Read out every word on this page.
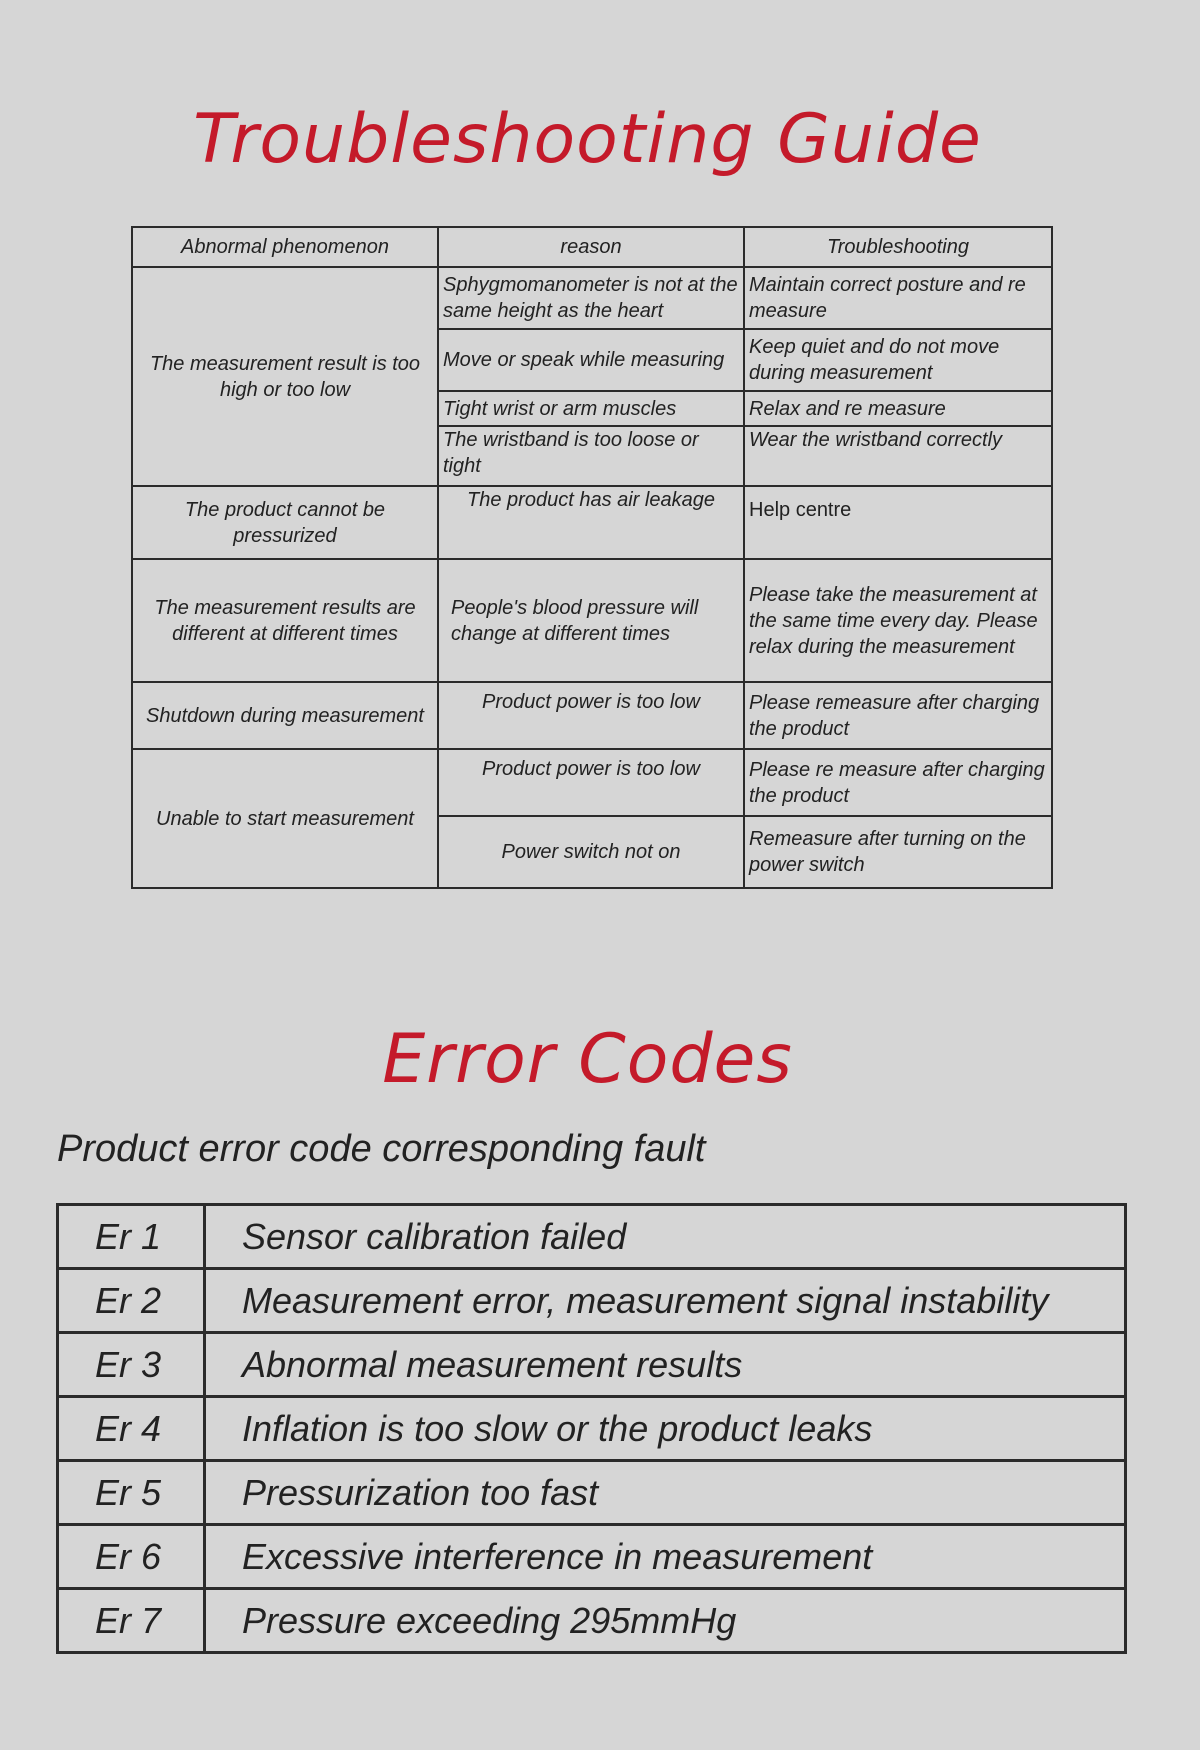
Troubleshooting Guide
Abnormal phenomenon	reason	Troubleshooting
The measurement result is too high or too low	Sphygmomanometer is not at the same height as the heart	Maintain correct posture and re measure
	Move or speak while measuring	Keep quiet and do not move during measurement
	Tight wrist or arm muscles	Relax and re measure
	The wristband is too loose or tight	Wear the wristband correctly
The product cannot be pressurized	The product has air leakage	Help centre
The measurement results are different at different times	People's blood pressure will change at different times	Please take the measurement at the same time every day. Please relax during the measurement
Shutdown during measurement	Product power is too low	Please remeasure after charging the product
Unable to start measurement	Product power is too low	Please re measure after charging the product
	Power switch not on	Remeasure after turning on the power switch
Error Codes

Product error code corresponding fault

Er 1	Sensor calibration failed
Er 2	Measurement error, measurement signal instability
Er 3	Abnormal measurement results
Er 4	Inflation is too slow or the product leaks
Er 5	Pressurization too fast
Er 6	Excessive interference in measurement
Er 7	Pressure exceeding 295mmHg
